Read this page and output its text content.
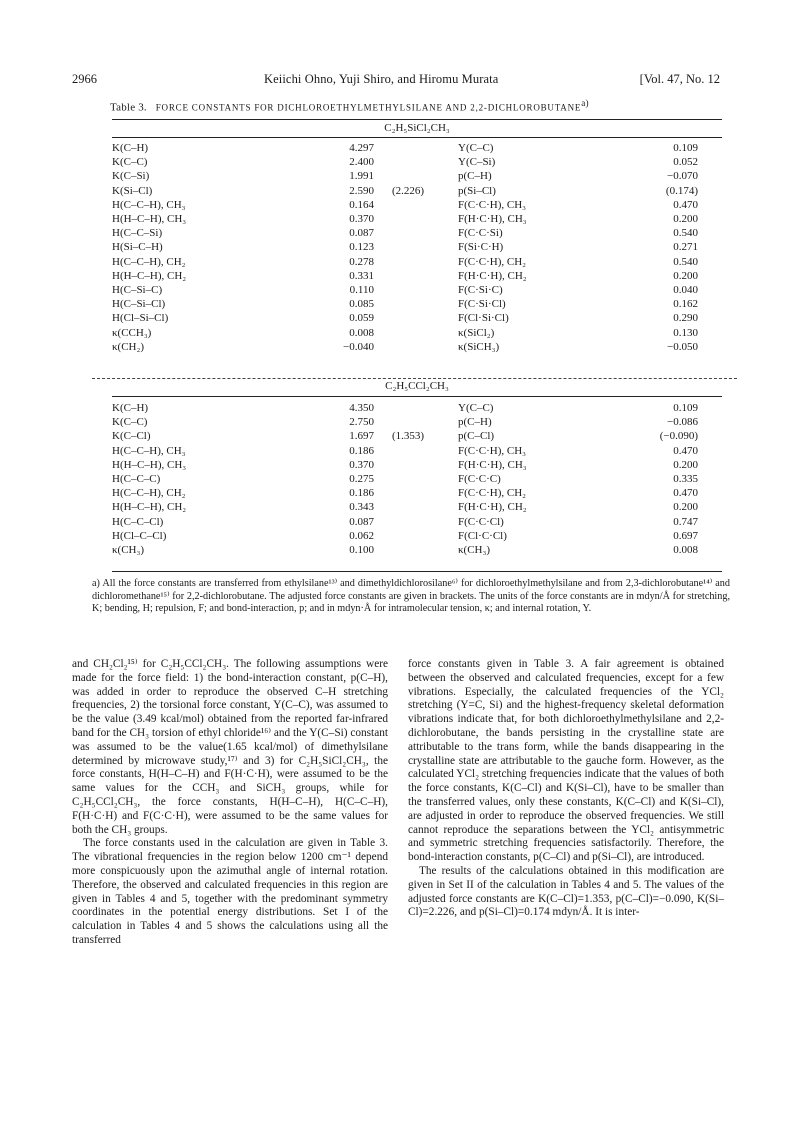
2966	Keiichi Ohno, Yuji Shiro, and Hiromu Murata	[Vol. 47, No. 12
Table 3. FORCE CONSTANTS FOR DICHLOROETHYLMETHYLSILANE AND 2,2-DICHLOROBUTANE$^{a)}$
C₂H₅SiCl₂CH₃
K(C–H)	4.297		Y(C–C)	0.109
K(C–C)	2.400		Y(C–Si)	0.052
K(C–Si)	1.991		p(C–H)	−0.070
K(Si–Cl)	2.590	(2.226)	p(Si–Cl)	(0.174)
H(C–C–H), CH₃	0.164		F(C·C·H), CH₃	0.470
H(H–C–H), CH₃	0.370		F(H·C·H), CH₃	0.200
H(C–C–Si)	0.087		F(C·C·Si)	0.540
H(Si–C–H)	0.123		F(Si·C·H)	0.271
H(C–C–H), CH₂	0.278		F(C·C·H), CH₂	0.540
H(H–C–H), CH₂	0.331		F(H·C·H), CH₂	0.200
H(C–Si–C)	0.110		F(C·Si·C)	0.040
H(C–Si–Cl)	0.085		F(C·Si·Cl)	0.162
H(Cl–Si–Cl)	0.059		F(Cl·Si·Cl)	0.290
κ(CCH₃)	0.008		κ(SiCl₂)	0.130
κ(CH₂)	−0.040		κ(SiCH₃)	−0.050
C₂H₅CCl₂CH₃
K(C–H)	4.350		Y(C–C)	0.109
K(C–C)	2.750		p(C–H)	−0.086
K(C–Cl)	1.697	(1.353)	p(C–Cl)	(−0.090)
H(C–C–H), CH₃	0.186		F(C·C·H), CH₃	0.470
H(H–C–H), CH₃	0.370		F(H·C·H), CH₃	0.200
H(C–C–C)	0.275		F(C·C·C)	0.335
H(C–C–H), CH₂	0.186		F(C·C·H), CH₂	0.470
H(H–C–H), CH₂	0.343		F(H·C·H), CH₂	0.200
H(C–C–Cl)	0.087		F(C·C·Cl)	0.747
H(Cl–C–Cl)	0.062		F(Cl·C·Cl)	0.697
κ(CH₃)	0.100		κ(CH₃)	0.008
a) All the force constants are transferred from ethylsilane¹³⁾ and dimethyldichlorosilane⁶⁾ for dichloroethylmethylsilane and from 2,3-dichlorobutane¹⁴⁾ and dichloromethane¹⁵⁾ for 2,2-dichlorobutane. The adjusted force constants are given in brackets. The units of the force constants are in mdyn/Å for stretching, K; bending, H; repulsion, F; and bond-interaction, p; and in mdyn·Å for intramolecular tension, κ; and internal rotation, Y.

and CH₂Cl₂¹⁵⁾ for C₂H₅CCl₂CH₃. The following assumptions were made for the force field: 1) the bond-interaction constant, p(C–H), was added in order to reproduce the observed C–H stretching frequencies, 2) the torsional force constant, Y(C–C), was assumed to be the value (3.49 kcal/mol) obtained from the reported far-infrared band for the CH₃ torsion of ethyl chloride¹⁶⁾ and the Y(C–Si) constant was assumed to be the value(1.65 kcal/mol) of dimethylsilane determined by microwave study,¹⁷⁾ and 3) for C₂H₅SiCl₂CH₃, the force constants, H(H–C–H) and F(H·C·H), were assumed to be the same values for the CCH₃ and SiCH₃ groups, while for C₂H₅CCl₂CH₃, the force constants, H(H–C–H), H(C–C–H), F(H·C·H) and F(C·C·H), were assumed to be the same values for both the CH₃ groups.

The force constants used in the calculation are given in Table 3. The vibrational frequencies in the region below 1200 cm⁻¹ depend more conspicuously upon the azimuthal angle of internal rotation. Therefore, the observed and calculated frequencies in this region are given in Tables 4 and 5, together with the predominant symmetry coordinates in the potential energy distributions. Set I of the calculation in Tables 4 and 5 shows the calculations using all the transferred

force constants given in Table 3. A fair agreement is obtained between the observed and calculated frequencies, except for a few vibrations. Especially, the calculated frequencies of the YCl₂ stretching (Y=C, Si) and the highest-frequency skeletal deformation vibrations indicate that, for both dichloroethylmethylsilane and 2,2-dichlorobutane, the bands persisting in the crystalline state are attributable to the trans form, while the bands disappearing in the crystalline state are attributable to the gauche form. However, as the calculated YCl₂ stretching frequencies indicate that the values of both the force constants, K(C–Cl) and K(Si–Cl), have to be smaller than the transferred values, only these constants, K(C–Cl) and K(Si–Cl), are adjusted in order to reproduce the observed frequencies. We still cannot reproduce the separations between the YCl₂ antisymmetric and symmetric stretching frequencies satisfactorily. Therefore, the bond-interaction constants, p(C–Cl) and p(Si–Cl), are introduced.

The results of the calculations obtained in this modification are given in Set II of the calculation in Tables 4 and 5. The values of the adjusted force constants are K(C–Cl)=1.353, p(C–Cl)=−0.090, K(Si–Cl)=2.226, and p(Si–Cl)=0.174 mdyn/Å. It is inter-
